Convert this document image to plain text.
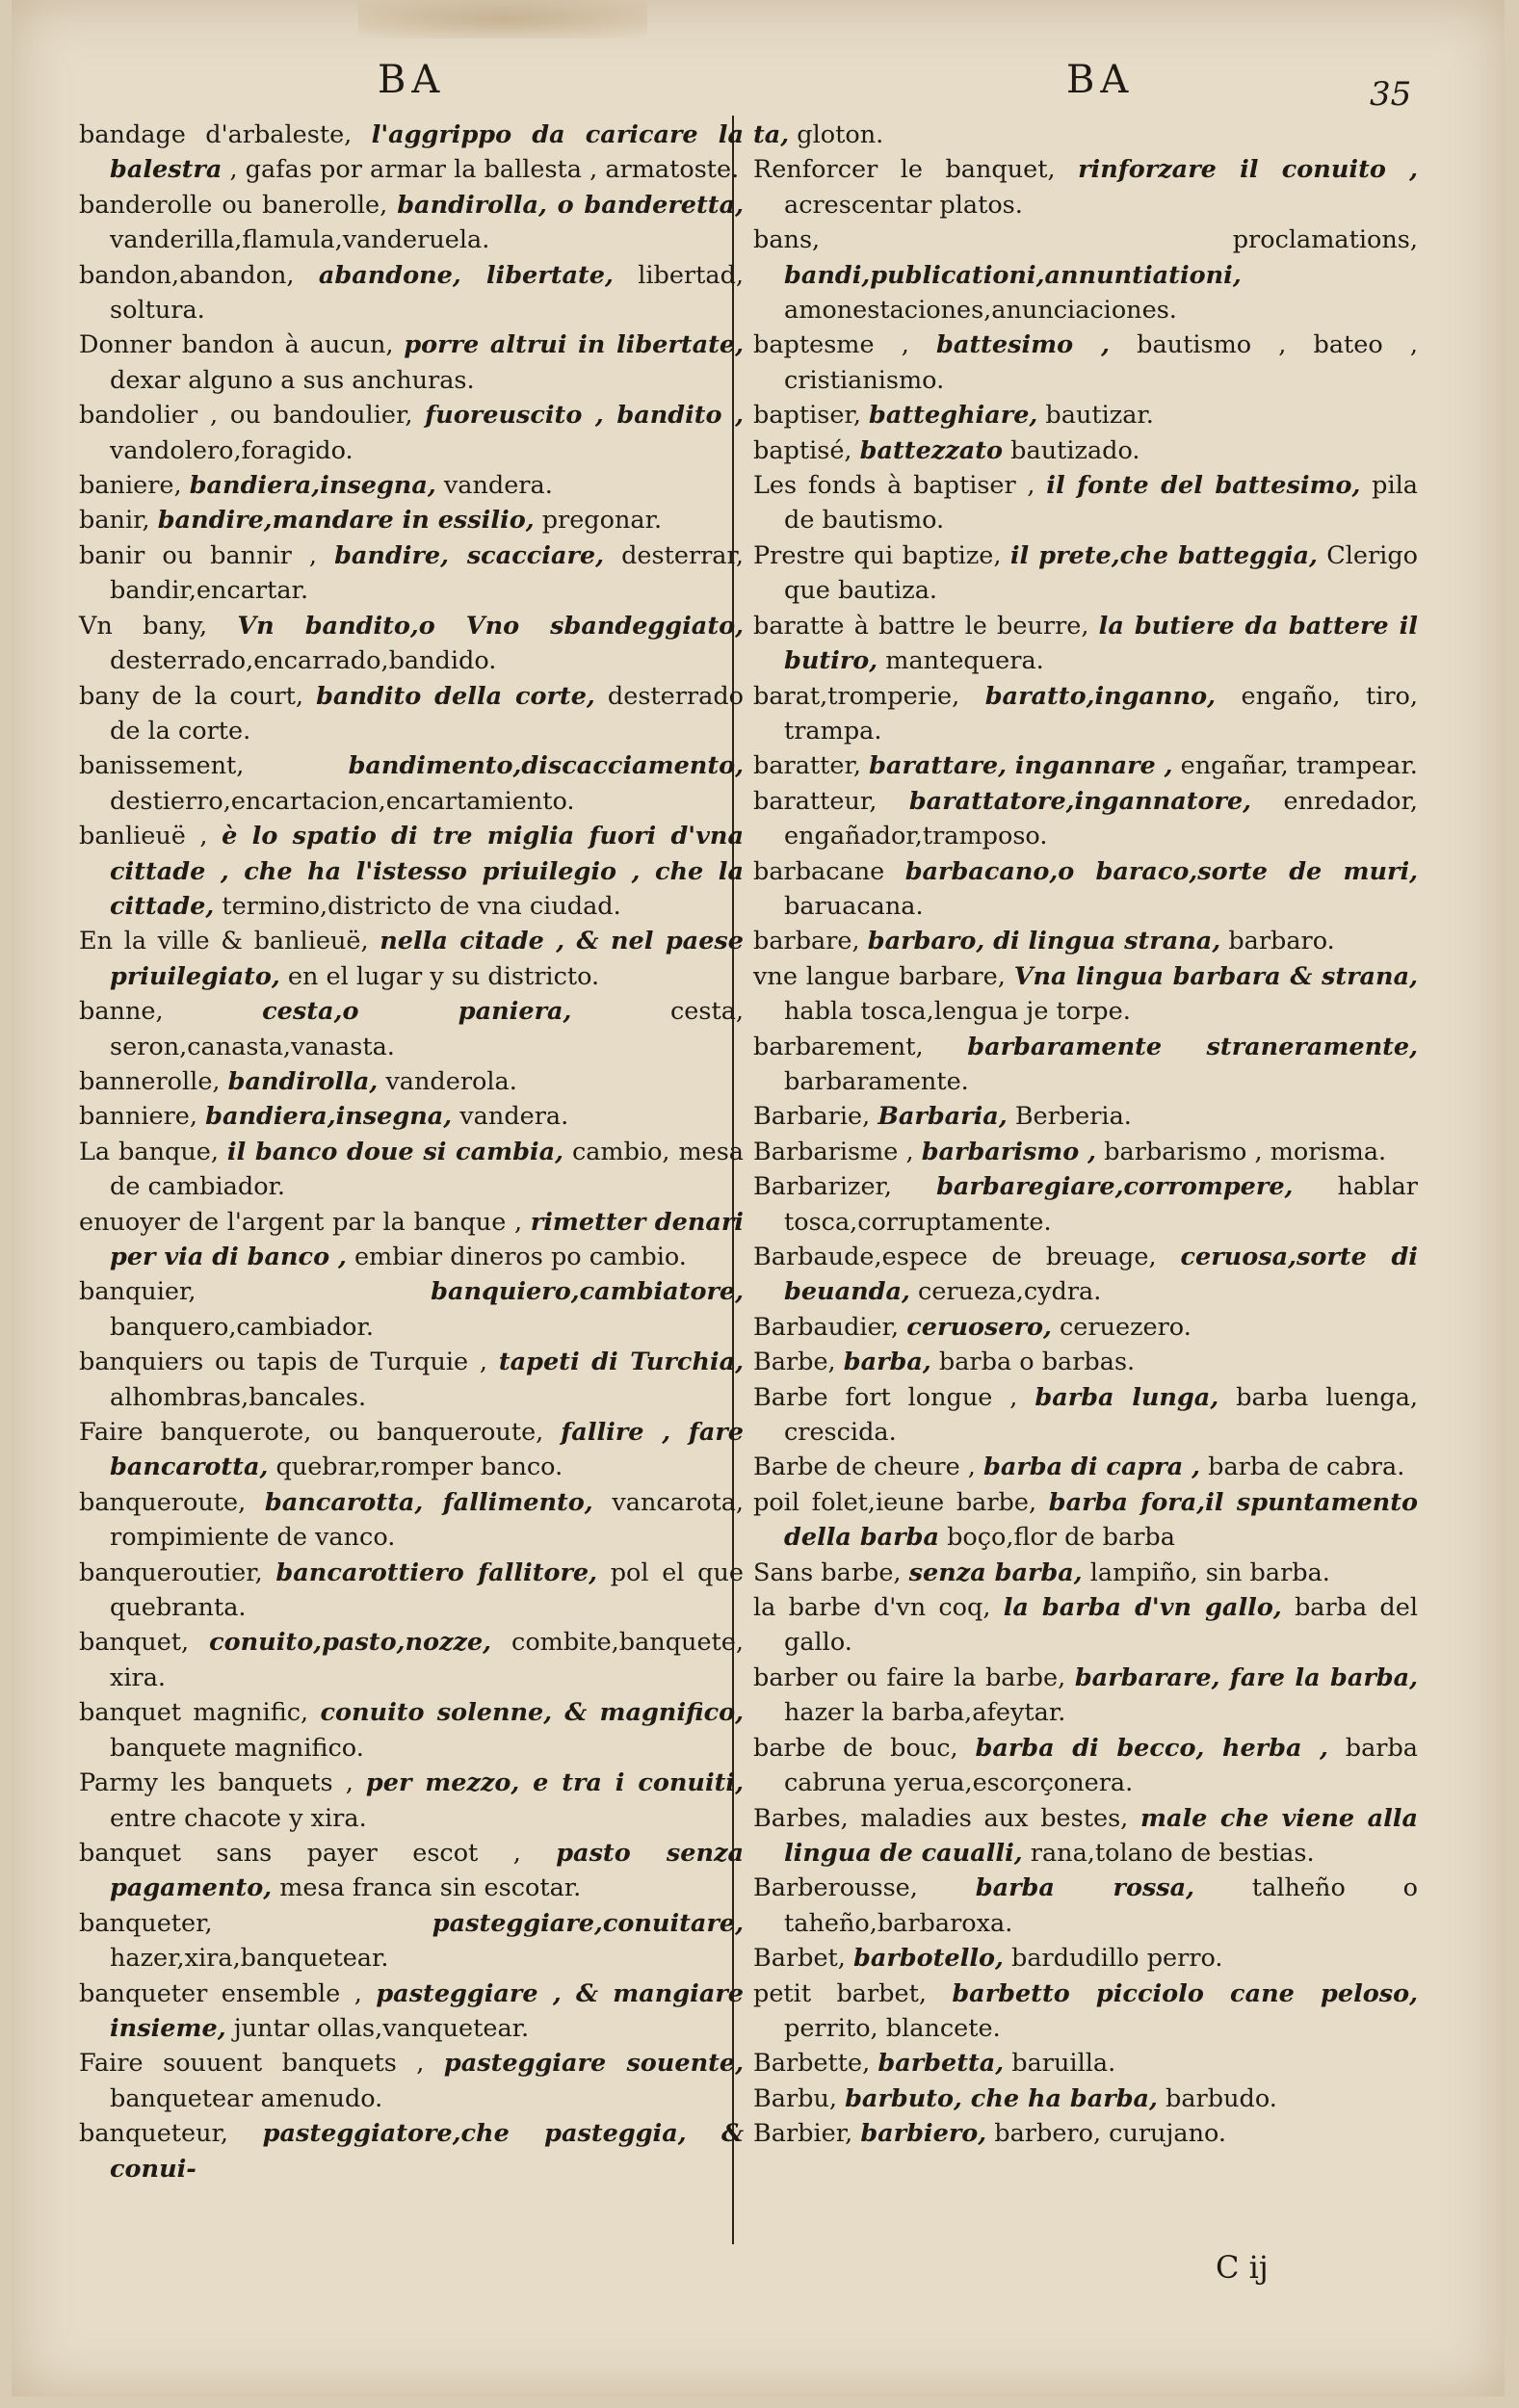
BA	BA	35

bandage d'arbaleste, l'aggrippo da caricare la balestra , gafas por armar la ballesta , armatoste.

banderolle ou banerolle, bandirolla, o banderetta, vanderilla,flamula,vanderuela.

bandon,abandon, abandone, libertate, libertad, soltura.

Donner bandon à aucun, porre altrui in libertate, dexar alguno a sus anchuras.

bandolier , ou bandoulier, fuoreuscito , bandito , vandolero,foragido.

baniere, bandiera,insegna, vandera.

banir, bandire,mandare in essilio, pregonar.

banir ou bannir , bandire, scacciare, desterrar, bandir,encartar.

Vn bany, Vn bandito,o Vno sbandeggiato, desterrado,encarrado,bandido.

bany de la court, bandito della corte, desterrado de la corte.

banissement,	bandimento,discacciamento, destierro,encartacion,encartamiento.

banlieuë , è lo spatio di tre miglia fuori d'vna cittade , che ha l'istesso priuilegio , che la cittade, termino,districto de vna ciudad.

En la ville & banlieuë, nella citade , & nel paese priuilegiato, en el lugar y su districto.

banne,	cesta,o paniera,	cesta, seron,canasta,vanasta.

bannerolle, bandirolla, vanderola.

banniere, bandiera,insegna, vandera.

La banque, il banco doue si cambia, cambio, mesa de cambiador.

enuoyer de l'argent par la banque , rimetter denari per via di banco , embiar dineros po cambio.

banquier,	banquiero,cambiatore, banquero,cambiador.

banquiers ou tapis de Turquie , tapeti di Turchia, alhombras,bancales.

Faire banquerote, ou banqueroute, fallire , fare bancarotta, quebrar,romper banco.

banqueroute, bancarotta, fallimento, vancarota, rompimiente de vanco.

banqueroutier, bancarottiero fallitore, pol el que quebranta.

banquet, conuito,pasto,nozze, combite,banquete, xira.

banquet magnific, conuito solenne, & magnifico, banquete magnifico.

Parmy les banquets , per mezzo, e tra i conuiti, entre chacote y xira.

banquet sans payer escot , pasto senza pagamento, mesa franca sin escotar.

banqueter,	pasteggiare,conuitare, hazer,xira,banquetear.

banqueter ensemble , pasteggiare , & mangiare insieme, juntar ollas,vanquetear.

Faire souuent banquets , pasteggiare souente, banquetear amenudo.

banqueteur, pasteggiatore,che pasteggia, & conui-

ta, gloton.

Renforcer le banquet, rinforzare il conuito , acrescentar platos.

bans, proclamations, bandi,publicationi,annuntiationi, amonestaciones,anunciaciones.

baptesme , battesimo , bautismo , bateo , cristianismo.

baptiser, batteghiare, bautizar.

baptisé, battezzato bautizado.

Les fonds à baptiser , il fonte del battesimo, pila de bautismo.

Prestre qui baptize, il prete,che batteggia, Clerigo que bautiza.

baratte à battre le beurre, la butiere da battere il butiro, mantequera.

barat,tromperie, baratto,inganno, engaño, tiro, trampa.

baratter, barattare, ingannare , engañar, trampear.

baratteur, barattatore,ingannatore, enredador, engañador,tramposo.

barbacane barbacano,o baraco,sorte de muri, baruacana.

barbare, barbaro, di lingua strana, barbaro.

vne langue barbare, Vna lingua barbara & strana, habla tosca,lengua je torpe.

barbarement, barbaramente straneramente, barbaramente.

Barbarie, Barbaria, Berberia.

Barbarisme , barbarismo , barbarismo , morisma.

Barbarizer, barbaregiare,corrompere, hablar tosca,corruptamente.

Barbaude,espece de breuage, ceruosa,sorte di beuanda, cerueza,cydra.

Barbaudier, ceruosero, ceruezero.

Barbe, barba, barba o barbas.

Barbe fort longue , barba lunga, barba luenga, crescida.

Barbe de cheure , barba di capra , barba de cabra.

poil folet,ieune barbe, barba fora,il spuntamento della barba boço,flor de barba

Sans barbe, senza barba, lampiño, sin barba.

la barbe d'vn coq, la barba d'vn gallo, barba del gallo.

barber ou faire la barbe, barbarare, fare la barba, hazer la barba,afeytar.

barbe de bouc, barba di becco, herba , barba cabruna yerua,escorçonera.

Barbes, maladies aux bestes, male che viene alla lingua de caualli, rana,tolano de bestias.

Barberousse, barba rossa, talheño o taheño,barbaroxa.

Barbet, barbotello, bardudillo perro.

petit barbet, barbetto picciolo cane peloso, perrito, blancete.

Barbette, barbetta, baruilla.

Barbu, barbuto, che ha barba, barbudo.

Barbier, barbiero, barbero, curujano.

C ij
